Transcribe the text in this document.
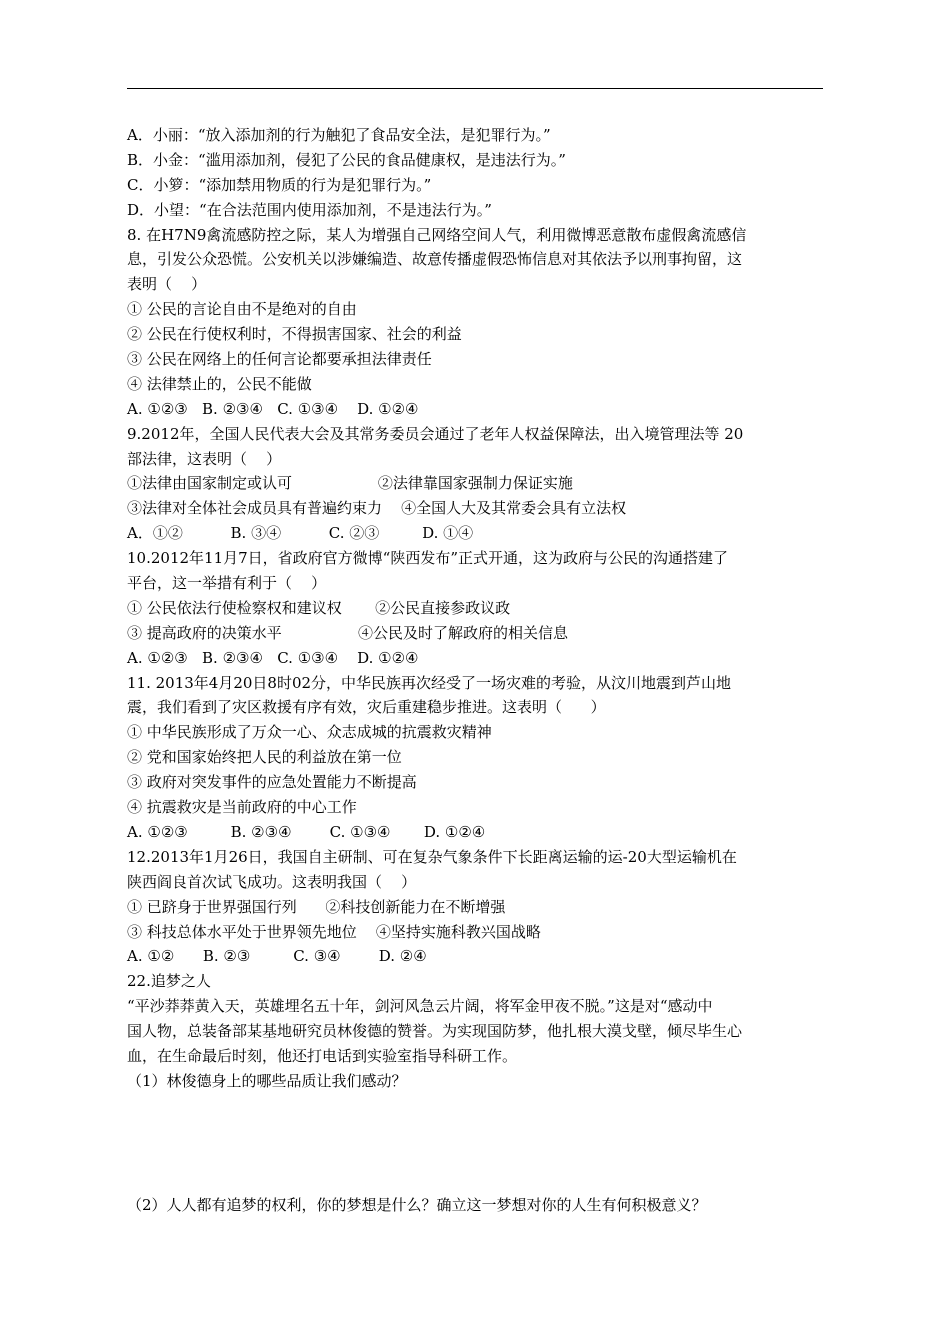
A．小丽：“放入添加剂的行为触犯了食品安全法，是犯罪行为。”
B．小金：“滥用添加剂，侵犯了公民的食品健康权，是违法行为。”
C．小箩：“添加禁用物质的行为是犯罪行为。”
D．小望：“在合法范围内使用添加剂，不是违法行为。”
8. 在H7N9禽流感防控之际，某人为增强自己网络空间人气，利用微博恶意散布虚假禽流感信
息，引发公众恐慌。公安机关以涉嫌编造、故意传播虚假恐怖信息对其依法予以刑事拘留，这
表明（    ）
① 公民的言论自由不是绝对的自由
② 公民在行使权利时，不得损害国家、社会的利益
③ 公民在网络上的任何言论都要承担法律责任
④ 法律禁止的，公民不能做
A. ①②③   B. ②③④   C. ①③④    D. ①②④
9.2012年，全国人民代表大会及其常务委员会通过了老年人权益保障法，出入境管理法等 20
部法律，这表明（    ）
①法律由国家制定或认可                  ②法律靠国家强制力保证实施
③法律对全体社会成员具有普遍约束力    ④全国人大及其常委会具有立法权
A．①②          B. ③④          C. ②③         D. ①④
10.2012年11月7日，省政府官方微博“陕西发布”正式开通，这为政府与公民的沟通搭建了
平台，这一举措有利于（    ）
① 公民依法行使检察权和建议权       ②公民直接参政议政
③ 提高政府的决策水平                ④公民及时了解政府的相关信息
A. ①②③   B. ②③④   C. ①③④    D. ①②④
11. 2013年4月20日8时02分，中华民族再次经受了一场灾难的考验，从汶川地震到芦山地
震，我们看到了灾区救援有序有效，灾后重建稳步推进。这表明（      ）
① 中华民族形成了万众一心、众志成城的抗震救灾精神
② 党和国家始终把人民的利益放在第一位
③ 政府对突发事件的应急处置能力不断提高
④ 抗震救灾是当前政府的中心工作
A. ①②③         B. ②③④        C. ①③④       D. ①②④
12.2013年1月26日，我国自主研制、可在复杂气象条件下长距离运输的运-20大型运输机在
陕西阎良首次试飞成功。这表明我国（    ）
① 已跻身于世界强国行列      ②科技创新能力在不断增强
③ 科技总体水平处于世界领先地位    ④坚持实施科教兴国战略
A. ①②      B. ②③         C. ③④        D. ②④
22.追梦之人
“平沙莽莽黄入天，英雄埋名五十年，剑河风急云片阔，将军金甲夜不脱。”这是对“感动中
国人物，总装备部某基地研究员林俊德的赞誉。为实现国防梦，他扎根大漠戈壁，倾尽毕生心
血，在生命最后时刻，他还打电话到实验室指导科研工作。
（1）林俊德身上的哪些品质让我们感动？
（2）人人都有追梦的权利，你的梦想是什么？确立这一梦想对你的人生有何积极意义？
